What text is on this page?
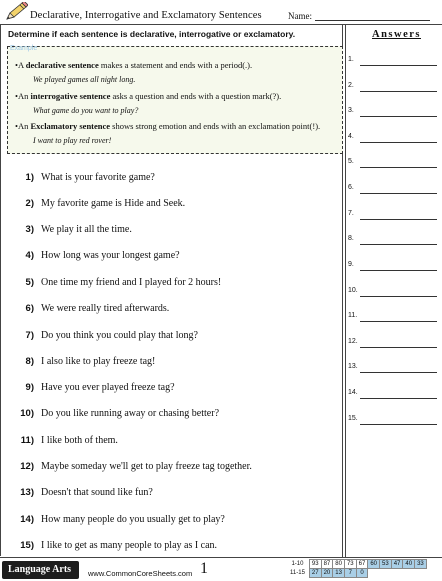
Declarative, Interrogative and Exclamatory Sentences	Name:
Determine if each sentence is declarative, interrogative or exclamatory.
Example
•A declarative sentence makes a statement and ends with a period(.).
We played games all night long.
•An interrogative sentence asks a question and ends with a question mark(?).
What game do you want to play?
•An Exclamatory sentence shows strong emotion and ends with an exclamation point(!).
I want to play red rover!
1) What is your favorite game?
2) My favorite game is Hide and Seek.
3) We play it all the time.
4) How long was your longest game?
5) One time my friend and I played for 2 hours!
6) We were really tired afterwards.
7) Do you think you could play that long?
8) I also like to play freeze tag!
9) Have you ever played freeze tag?
10) Do you like running away or chasing better?
11) I like both of them.
12) Maybe someday we'll get to play freeze tag together.
13) Doesn't that sound like fun?
14) How many people do you usually get to play?
15) I like to get as many people to play as I can.
Answers
1.
2.
3.
4.
5.
6.
7.
8.
9.
10.
11.
12.
13.
14.
15.
Language Arts www.CommonCoreSheets.com 1	1-10	93	87	80	73	67	60	53	47	40	33
11-15	27	20	13	7	0					
